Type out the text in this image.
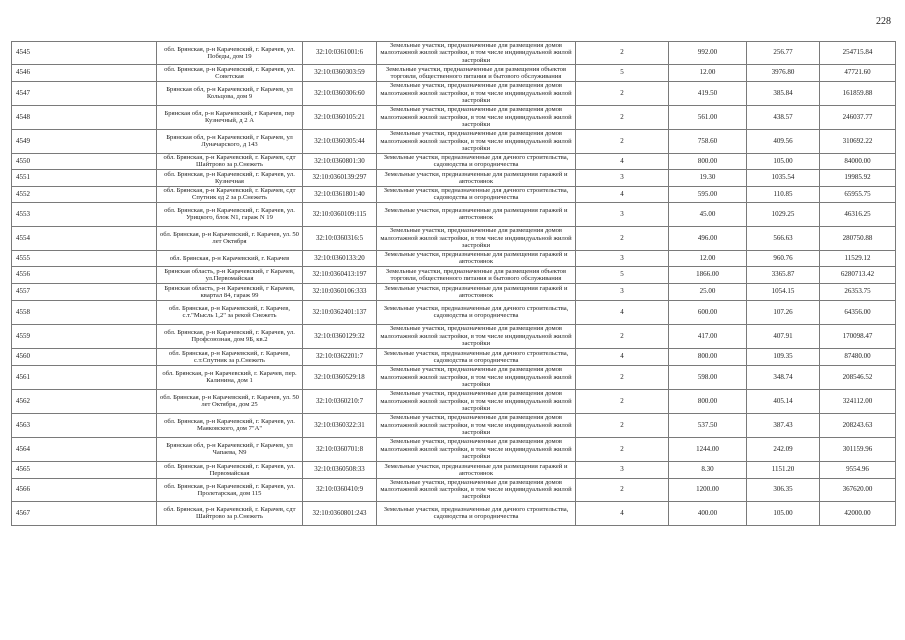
228
4545	обл. Брянская, р-н Карачевский, г. Карачев, ул. Победы, дом 19	32:10:0361001:6	Земельные участки, предназначенные для размещения домов малоэтажной жилой застройки, в том числе индивидуальной жилой застройки	2	992.00	256.77	254715.84
4546	обл. Брянская, р-н Карачевский, г. Карачев, ул. Советская	32:10:0360303:59	Земельные участки, предназначенные для размещения объектов торговли, общественного питания и бытового обслуживания	5	12.00	3976.80	47721.60
4547	Брянская обл, р-н Карачевский, г Карачев, ул Кольцова, дом 9	32:10:0360306:60	Земельные участки, предназначенные для размещения домов малоэтажной жилой застройки, в том числе индивидуальной жилой застройки	2	419.50	385.84	161859.88
4548	Брянская обл, р-н Карачевский, г Карачев, пер Кузнечный, д 2 А	32:10:0360105:21	Земельные участки, предназначенные для размещения домов малоэтажной жилой застройки, в том числе индивидуальной жилой застройки	2	561.00	438.57	246037.77
4549	Брянская обл, р-н Карачевский, г Карачев, ул Луначарского, д 143	32:10:0360305:44	Земельные участки, предназначенные для размещения домов малоэтажной жилой застройки, в том числе индивидуальной жилой застройки	2	758.60	409.56	310692.22
4550	обл. Брянская, р-н Карачевский, г. Карачев, сдт Шайтрово за р.Снежеть	32:10:0360801:30	Земельные участки, предназначенные для дачного строительства, садоводства и огородничества	4	800.00	105.00	84000.00
4551	обл. Брянская, р-н Карачевский, г. Карачев, ул. Кузнечная	32:10:0360139:297	Земельные участки, предназначенные для размещения гаражей и автостоянок	3	19.30	1035.54	19985.92
4552	обл. Брянская, р-н Карачевский, г. Карачев, сдт Спутник ед 2 за р.Снежеть	32:10:0361801:40	Земельные участки, предназначенные для дачного строительства, садоводства и огородничества	4	595.00	110.85	65955.75
4553	обл. Брянская, р-н Карачевский, г. Карачев, ул. Урицкого, блок N1, гараж N 19	32:10:0360109:115	Земельные участки, предназначенные для размещения гаражей и автостоянок	3	45.00	1029.25	46316.25
4554	обл. Брянская, р-н Карачевский, г. Карачев, ул. 50 лет Октября	32:10:0360316:5	Земельные участки, предназначенные для размещения домов малоэтажной жилой застройки, в том числе индивидуальной жилой застройки	2	496.00	566.63	280750.88
4555	обл. Брянская, р-н Карачевский, г. Карачев	32:10:0360133:20	Земельные участки, предназначенные для размещения гаражей и автостоянок	3	12.00	960.76	11529.12
4556	Брянская область, р-н Карачевский, г Карачев, ул.Первомайская	32:10:0360413:197	Земельные участки, предназначенные для размещения объектов торговли, общественного питания и бытового обслуживания	5	1866.00	3365.87	6280713.42
4557	Брянская область, р-н Карачевский, г Карачев, квартал 84, гараж 99	32:10:0360106:333	Земельные участки, предназначенные для размещения гаражей и автостоянок	3	25.00	1054.15	26353.75
4558	обл. Брянская, р-н Карачевский, г. Карачев, с.т."Мысль 1,2" за рекой Снежеть	32:10:0362401:137	Земельные участки, предназначенные для дачного строительства, садоводства и огородничества	4	600.00	107.26	64356.00
4559	обл. Брянская, р-н Карачевский, г. Карачев, ул. Профсоюзная, дом 9Б, кв.2	32:10:0360129:32	Земельные участки, предназначенные для размещения домов малоэтажной жилой застройки, в том числе индивидуальной жилой застройки	2	417.00	407.91	170098.47
4560	обл. Брянская, р-н Карачевский, г. Карачев, с.т.Спутник за р.Снежеть	32:10:0362201:7	Земельные участки, предназначенные для дачного строительства, садоводства и огородничества	4	800.00	109.35	87480.00
4561	обл. Брянская, р-н Карачевский, г. Карачев, пер. Калинина, дом 1	32:10:0360529:18	Земельные участки, предназначенные для размещения домов малоэтажной жилой застройки, в том числе индивидуальной жилой застройки	2	598.00	348.74	208546.52
4562	обл. Брянская, р-н Карачевский, г. Карачев, ул. 50 лет Октября, дом 25	32:10:0360210:7	Земельные участки, предназначенные для размещения домов малоэтажной жилой застройки, в том числе индивидуальной жилой застройки	2	800.00	405.14	324112.00
4563	обл. Брянская, р-н Карачевский, г. Карачев, ул. Маяковского, дом 7"А"	32:10:0360322:31	Земельные участки, предназначенные для размещения домов малоэтажной жилой застройки, в том числе индивидуальной жилой застройки	2	537.50	387.43	208243.63
4564	Брянская обл, р-н Карачевский, г Карачев, ул Чапаева, N9	32:10:0360701:8	Земельные участки, предназначенные для размещения домов малоэтажной жилой застройки, в том числе индивидуальной жилой застройки	2	1244.00	242.09	301159.96
4565	обл. Брянская, р-н Карачевский, г. Карачев, ул. Первомайская	32:10:0360508:33	Земельные участки, предназначенные для размещения гаражей и автостоянок	3	8.30	1151.20	9554.96
4566	обл. Брянская, р-н Карачевский, г. Карачев, ул. Пролетарская, дом 115	32:10:0360410:9	Земельные участки, предназначенные для размещения домов малоэтажной жилой застройки, в том числе индивидуальной жилой застройки	2	1200.00	306.35	367620.00
4567	обл. Брянская, р-н Карачевский, г. Карачев, сдт Шайтрово за р.Снежеть	32:10:0360801:243	Земельные участки, предназначенные для дачного строительства, садоводства и огородничества	4	400.00	105.00	42000.00
